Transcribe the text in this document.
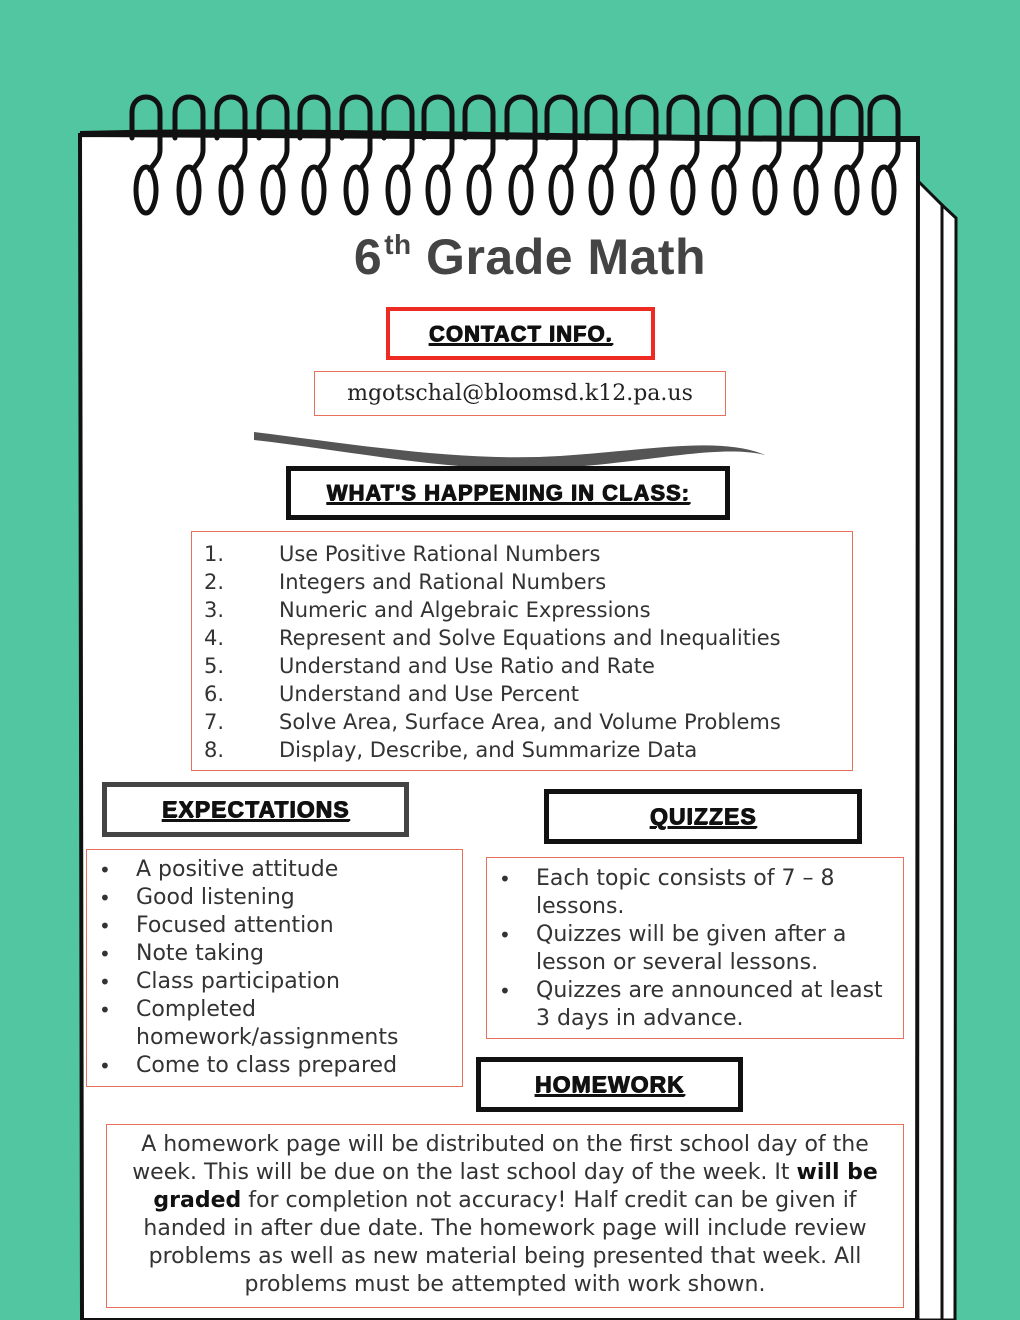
6th Grade Math
CONTACT INFO.
mgotschal@bloomsd.k12.pa.us
WHAT'S HAPPENING IN CLASS:
1.	Use Positive Rational Numbers
2.	Integers and Rational Numbers
3.	Numeric and Algebraic Expressions
4.	Represent and Solve Equations and Inequalities
5.	Understand and Use Ratio and Rate
6.	Understand and Use Percent
7.	Solve Area, Surface Area, and Volume Problems
8.	Display, Describe, and Summarize Data
EXPECTATIONS
• A positive attitude
• Good listening
• Focused attention
• Note taking
• Class participation
• Completed homework/assignments
• Come to class prepared
QUIZZES
• Each topic consists of 7 – 8 lessons.
• Quizzes will be given after a lesson or several lessons.
• Quizzes are announced at least 3 days in advance.
HOMEWORK
A homework page will be distributed on the first school day of the week. This will be due on the last school day of the week. It will be graded for completion not accuracy! Half credit can be given if handed in after due date. The homework page will include review problems as well as new material being presented that week. All problems must be attempted with work shown.
